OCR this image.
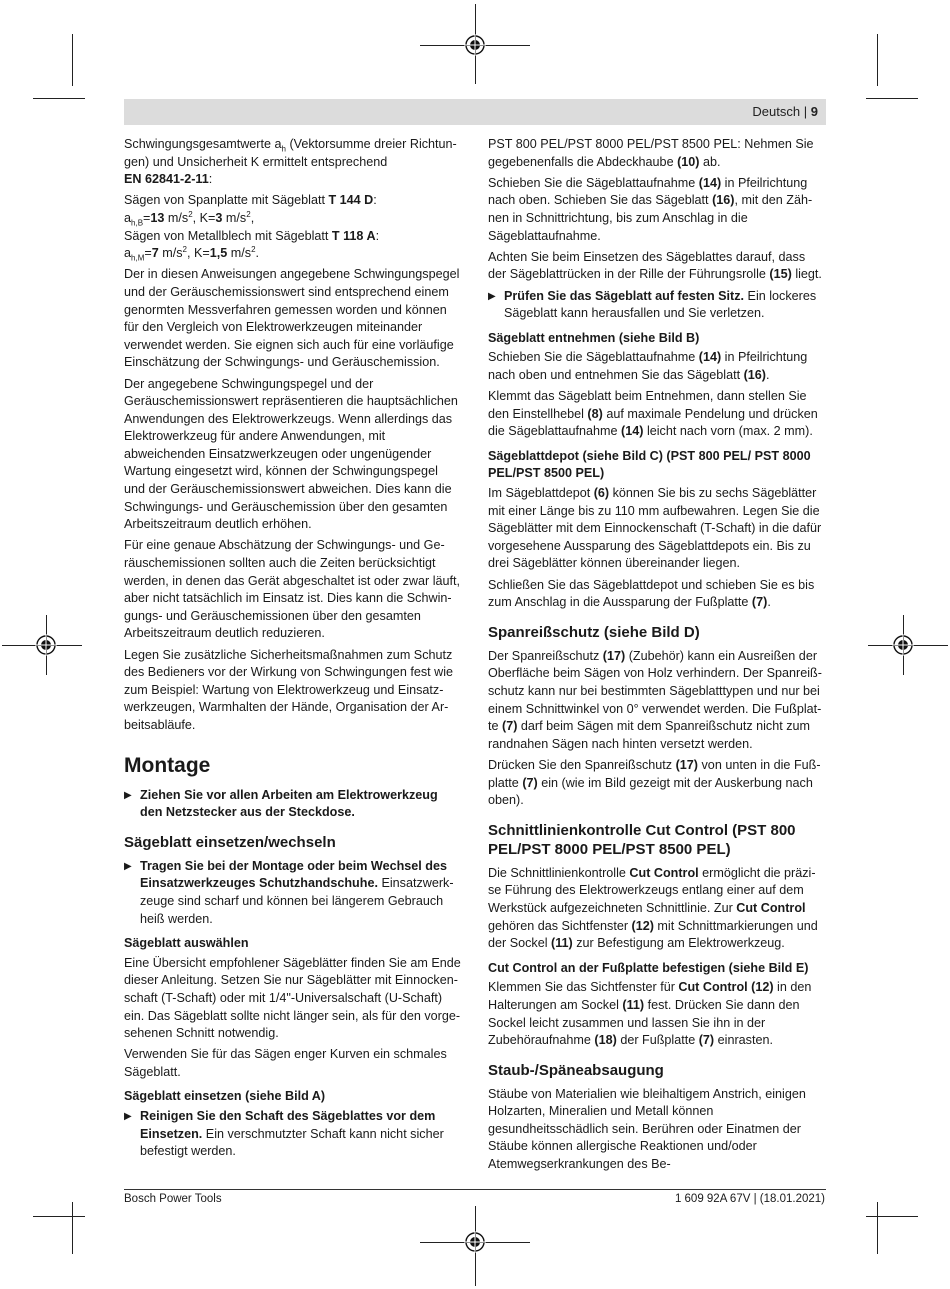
Deutsch | 9

Schwingungsgesamtwerte $a_h$ (Vektorsumme dreier Richtungen) und Unsicherheit K ermittelt entsprechend
EN 62841-2-11:

Sägen von Spanplatte mit Sägeblatt T 144 D:
$a_{h,B}=13$ $m/s^2$, K=3 $m/s^2$,
Sägen von Metallblech mit Sägeblatt T 118 A:
$a_{h,M}=7$ $m/s^2$, K=1,5 $m/s^2$.

Der in diesen Anweisungen angegebene Schwingungspegel und der Geräuschemissionswert sind entsprechend einem genormten Messverfahren gemessen worden und können für den Vergleich von Elektrowerkzeugen miteinander verwendet werden. Sie eignen sich auch für eine vorläufige Einschätzung der Schwingungs- und Geräuschemission.

Der angegebene Schwingungspegel und der Geräuschemissionswert repräsentieren die hauptsächlichen Anwendungen des Elektrowerkzeugs. Wenn allerdings das Elektrowerkzeug für andere Anwendungen, mit abweichenden Einsatzwerkzeugen oder ungenügender Wartung eingesetzt wird, können der Schwingungspegel und der Geräuschemissionswert abweichen. Dies kann die Schwingungs- und Geräuschemission über den gesamten Arbeitszeitraum deutlich erhöhen.

Für eine genaue Abschätzung der Schwingungs- und Geräuschemissionen sollten auch die Zeiten berücksichtigt werden, in denen das Gerät abgeschaltet ist oder zwar läuft, aber nicht tatsächlich im Einsatz ist. Dies kann die Schwingungs- und Geräuschemissionen über den gesamten Arbeitszeitraum deutlich reduzieren.

Legen Sie zusätzliche Sicherheitsmaßnahmen zum Schutz des Bedieners vor der Wirkung von Schwingungen fest wie zum Beispiel: Wartung von Elektrowerkzeug und Einsatzwerkzeugen, Warmhalten der Hände, Organisation der Arbeitsabläufe.

Montage
▶ Ziehen Sie vor allen Arbeiten am Elektrowerkzeug den Netzstecker aus der Steckdose.
Sägeblatt einsetzen/wechseln
▶ Tragen Sie bei der Montage oder beim Wechsel des Einsatzwerkzeuges Schutzhandschuhe. Einsatzwerkzeuge sind scharf und können bei längerem Gebrauch heiß werden.
Sägeblatt auswählen

Eine Übersicht empfohlener Sägeblätter finden Sie am Ende dieser Anleitung. Setzen Sie nur Sägeblätter mit Einnockenschaft (T-Schaft) oder mit 1/4"-Universalschaft (U-Schaft) ein. Das Sägeblatt sollte nicht länger sein, als für den vorgesehenen Schnitt notwendig.

Verwenden Sie für das Sägen enger Kurven ein schmales Sägeblatt.

Sägeblatt einsetzen (siehe Bild A)
▶ Reinigen Sie den Schaft des Sägeblattes vor dem Einsetzen. Ein verschmutzter Schaft kann nicht sicher befestigt werden.

PST 800 PEL/PST 8000 PEL/PST 8500 PEL: Nehmen Sie gegebenenfalls die Abdeckhaube (10) ab.

Schieben Sie die Sägeblattaufnahme (14) in Pfeilrichtung nach oben. Schieben Sie das Sägeblatt (16), mit den Zähnen in Schnittrichtung, bis zum Anschlag in die Sägeblattaufnahme.

Achten Sie beim Einsetzen des Sägeblattes darauf, dass der Sägeblattrücken in der Rille der Führungsrolle (15) liegt.

▶ Prüfen Sie das Sägeblatt auf festen Sitz. Ein lockeres Sägeblatt kann herausfallen und Sie verletzen.
Sägeblatt entnehmen (siehe Bild B)

Schieben Sie die Sägeblattaufnahme (14) in Pfeilrichtung nach oben und entnehmen Sie das Sägeblatt (16).

Klemmt das Sägeblatt beim Entnehmen, dann stellen Sie den Einstellhebel (8) auf maximale Pendelung und drücken die Sägeblattaufnahme (14) leicht nach vorn (max. 2 mm).

Sägeblattdepot (siehe Bild C) (PST 800 PEL/ PST 8000 PEL/PST 8500 PEL)

Im Sägeblattdepot (6) können Sie bis zu sechs Sägeblätter mit einer Länge bis zu 110 mm aufbewahren. Legen Sie die Sägeblätter mit dem Einnockenschaft (T-Schaft) in die dafür vorgesehene Aussparung des Sägeblattdepots ein. Bis zu drei Sägeblätter können übereinander liegen.

Schließen Sie das Sägeblattdepot und schieben Sie es bis zum Anschlag in die Aussparung der Fußplatte (7).

Spanreißschutz (siehe Bild D)

Der Spanreißschutz (17) (Zubehör) kann ein Ausreißen der Oberfläche beim Sägen von Holz verhindern. Der Spanreißschutz kann nur bei bestimmten Sägeblatttypen und nur bei einem Schnittwinkel von 0° verwendet werden. Die Fußplatte (7) darf beim Sägen mit dem Spanreißschutz nicht zum randnahen Sägen nach hinten versetzt werden.

Drücken Sie den Spanreißschutz (17) von unten in die Fußplatte (7) ein (wie im Bild gezeigt mit der Auskerbung nach oben).

Schnittlinienkontrolle Cut Control (PST 800 PEL/PST 8000 PEL/PST 8500 PEL)

Die Schnittlinienkontrolle Cut Control ermöglicht die präzise Führung des Elektrowerkzeugs entlang einer auf dem Werkstück aufgezeichneten Schnittlinie. Zur Cut Control gehören das Sichtfenster (12) mit Schnittmarkierungen und der Sockel (11) zur Befestigung am Elektrowerkzeug.

Cut Control an der Fußplatte befestigen (siehe Bild E)

Klemmen Sie das Sichtfenster für Cut Control (12) in den Halterungen am Sockel (11) fest. Drücken Sie dann den Sockel leicht zusammen und lassen Sie ihn in der Zubehöraufnahme (18) der Fußplatte (7) einrasten.

Staub-/Späneabsaugung

Stäube von Materialien wie bleihaltigem Anstrich, einigen Holzarten, Mineralien und Metall können gesundheitsschädlich sein. Berühren oder Einatmen der Stäube können allergische Reaktionen und/oder Atemwegserkrankungen des Be-

Bosch Power Tools	1 609 92A 67V | (18.01.2021)
